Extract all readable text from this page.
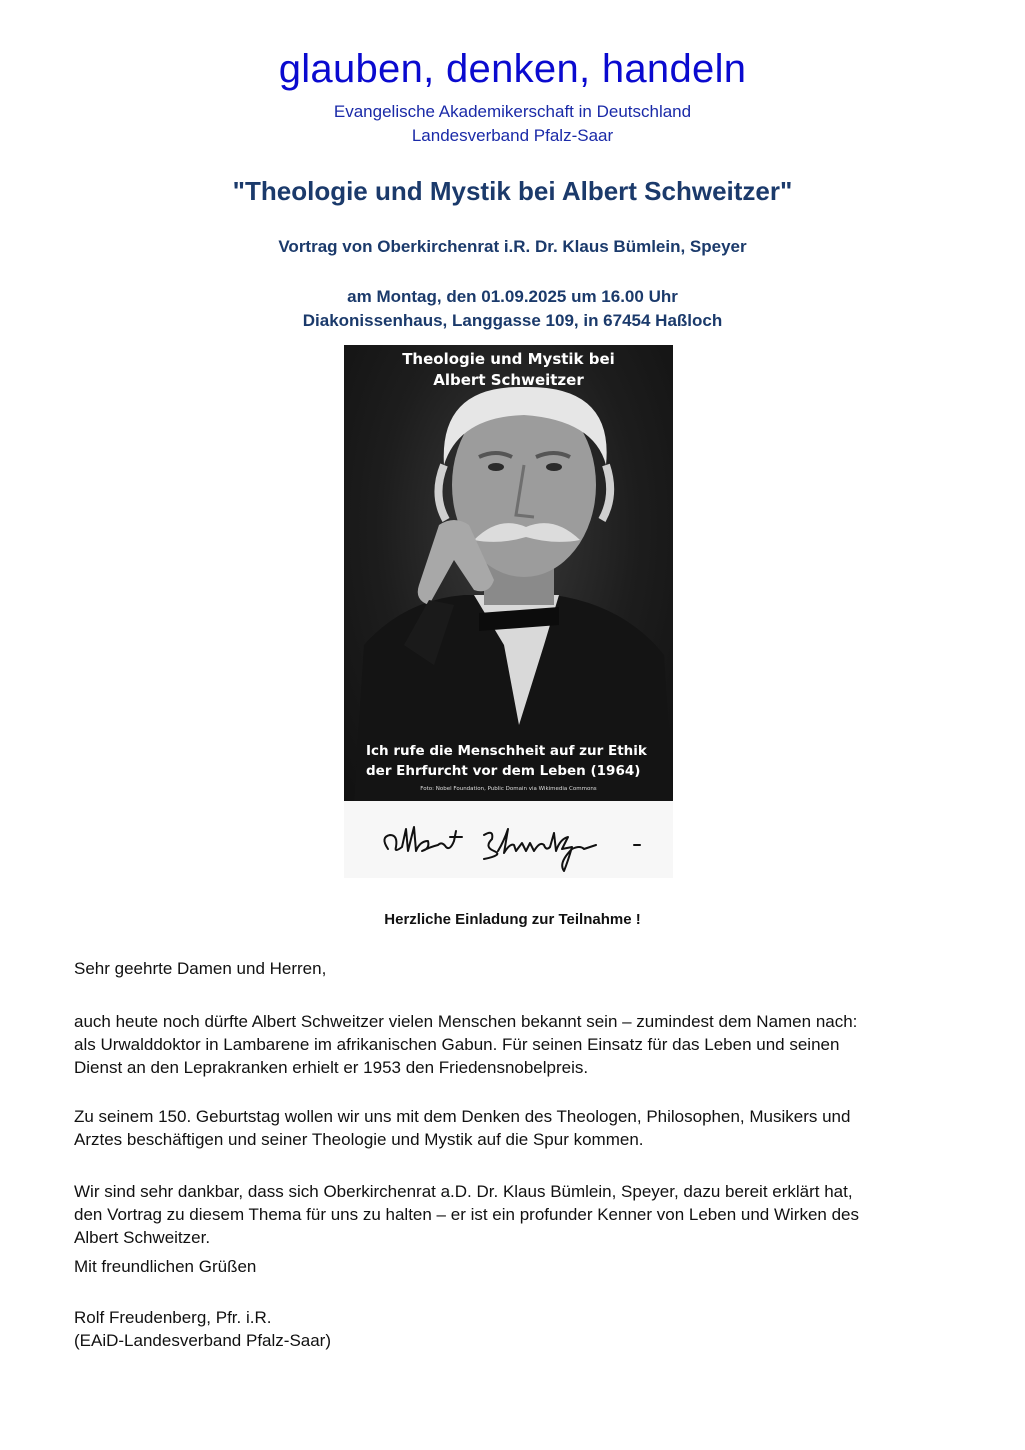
glauben, denken, handeln
Evangelische Akademikerschaft in Deutschland
Landesverband Pfalz-Saar
"Theologie und Mystik bei Albert Schweitzer"
Vortrag von Oberkirchenrat i.R. Dr. Klaus Bümlein, Speyer
am Montag, den 01.09.2025 um 16.00 Uhr
Diakonissenhaus, Langgasse 109, in 67454 Haßloch
Theologie und Mystik bei
Albert Schweitzer
Ich rufe die Menschheit auf zur Ethik
der Ehrfurcht vor dem Leben (1964)
Foto: Nobel Foundation, Public Domain via Wikimedia Commons
Herzliche Einladung zur Teilnahme !
Sehr geehrte Damen und Herren,
auch heute noch dürfte Albert Schweitzer vielen Menschen bekannt sein – zumindest dem Namen nach:
als Urwalddoktor in Lambarene im afrikanischen Gabun. Für seinen Einsatz für das Leben und seinen
Dienst an den Leprakranken erhielt er 1953 den Friedensnobelpreis.
Zu seinem 150. Geburtstag wollen wir uns mit dem Denken des Theologen, Philosophen, Musikers und
Arztes beschäftigen und seiner Theologie und Mystik auf die Spur kommen.
Wir sind sehr dankbar, dass sich Oberkirchenrat a.D. Dr. Klaus Bümlein, Speyer, dazu bereit erklärt hat,
den Vortrag zu diesem Thema für uns zu halten – er ist ein profunder Kenner von Leben und Wirken des
Albert Schweitzer.
Mit freundlichen Grüßen
Rolf Freudenberg, Pfr. i.R.
(EAiD-Landesverband Pfalz-Saar)
